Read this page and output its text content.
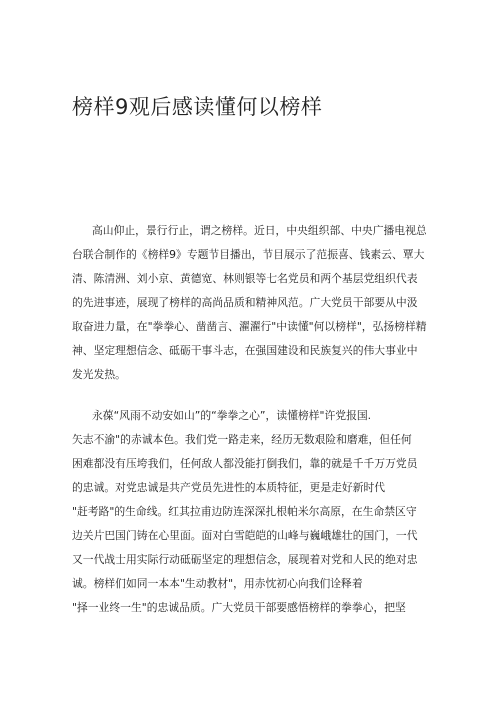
榜样9观后感读懂何以榜样
高山仰止，景行行止，谓之榜样。近日，中央组织部、中央广播电视总
台联合制作的《榜样9》专题节目播出，节目展示了范振喜、钱素云、覃大
清、陈清洲、刘小京、黄德宽、林则银等七名党员和两个基层党组织代表
的先进事迹，展现了榜样的高尚品质和精神风范。广大党员干部要从中汲
取奋进力量，在"拳拳心、凿凿言、濯濯行"中读懂"何以榜样"，弘扬榜样精
神、坚定理想信念、砥砺干事斗志，在强国建设和民族复兴的伟大事业中
发光发热。
永葆“风雨不动安如山”的“拳拳之心”，读懂榜样"许党报国.
矢志不渝"的赤诚本色。我们党一路走来，经历无数艰险和磨难，但任何
困难都没有压垮我们，任何敌人都没能打倒我们，靠的就是千千万万党员
的忠诚。对党忠诚是共产党员先进性的本质特征，更是走好新时代
"赶考路"的生命线。红其拉甫边防连深深扎根帕米尔高原，在生命禁区守
边关片巴国门铸在心里面。面对白雪皑皑的山峰与巍峨雄壮的国门，一代
又一代战士用实际行动砥砺坚定的理想信念，展现着对党和人民的绝对忠
诚。榜样们如同一本本"生动教材"，用赤忱初心向我们诠释着
"择一业终一生"的忠诚品质。广大党员干部要感悟榜样的拳拳心，把坚
